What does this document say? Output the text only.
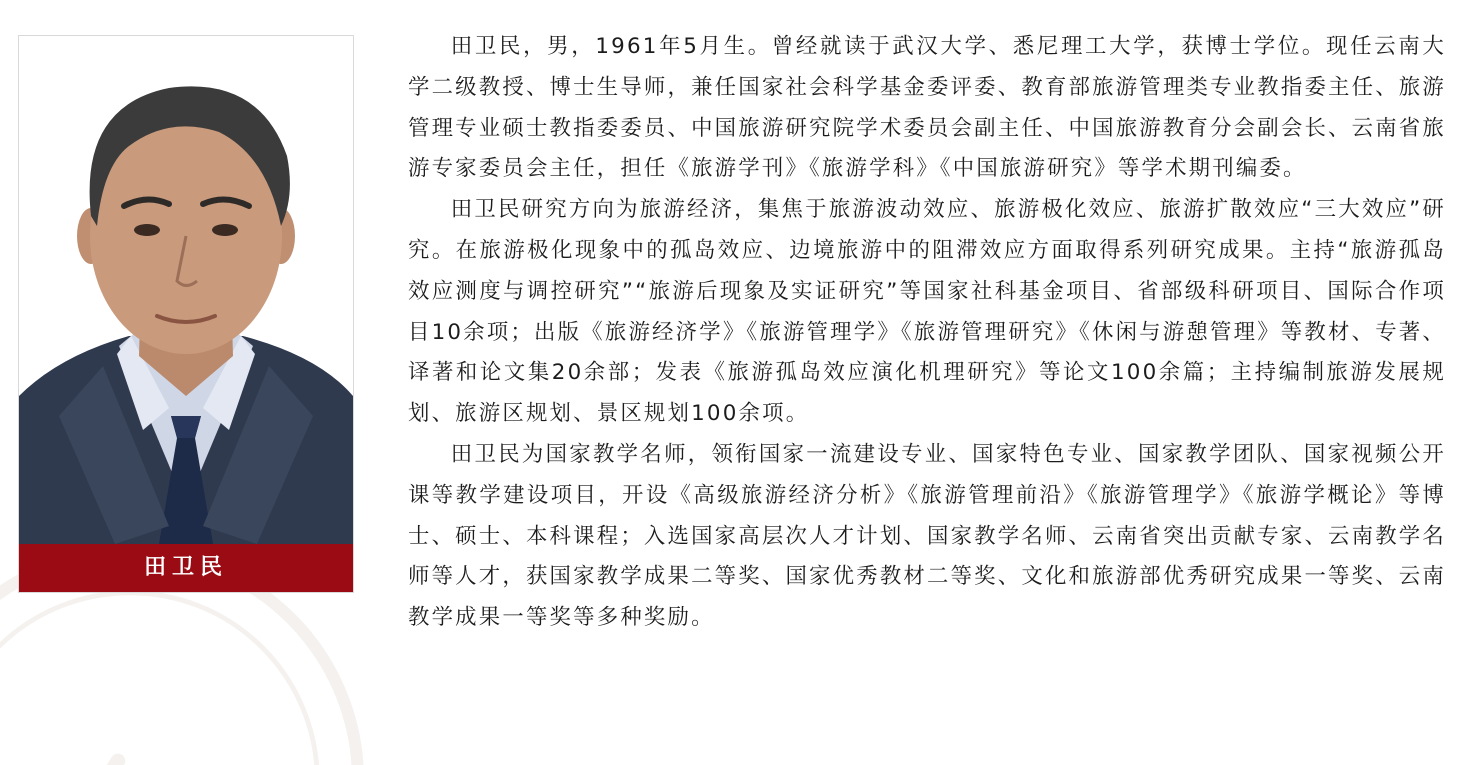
田卫民

田卫民，男，1961年5月生。曾经就读于武汉大学、悉尼理工大学，获博士学位。现任云南大学二级教授、博士生导师，兼任国家社会科学基金委评委、教育部旅游管理类专业教指委主任、旅游管理专业硕士教指委委员、中国旅游研究院学术委员会副主任、中国旅游教育分会副会长、云南省旅游专家委员会主任，担任《旅游学刊》《旅游学科》《中国旅游研究》等学术期刊编委。

田卫民研究方向为旅游经济，集焦于旅游波动效应、旅游极化效应、旅游扩散效应“三大效应”研究。在旅游极化现象中的孤岛效应、边境旅游中的阻滞效应方面取得系列研究成果。主持“旅游孤岛效应测度与调控研究”“旅游后现象及实证研究”等国家社科基金项目、省部级科研项目、国际合作项目10余项；出版《旅游经济学》《旅游管理学》《旅游管理研究》《休闲与游憩管理》等教材、专著、译著和论文集20余部；发表《旅游孤岛效应演化机理研究》等论文100余篇；主持编制旅游发展规划、旅游区规划、景区规划100余项。

田卫民为国家教学名师，领衔国家一流建设专业、国家特色专业、国家教学团队、国家视频公开课等教学建设项目，开设《高级旅游经济分析》《旅游管理前沿》《旅游管理学》《旅游学概论》等博士、硕士、本科课程；入选国家高层次人才计划、国家教学名师、云南省突出贡献专家、云南教学名师等人才，获国家教学成果二等奖、国家优秀教材二等奖、文化和旅游部优秀研究成果一等奖、云南教学成果一等奖等多种奖励。
